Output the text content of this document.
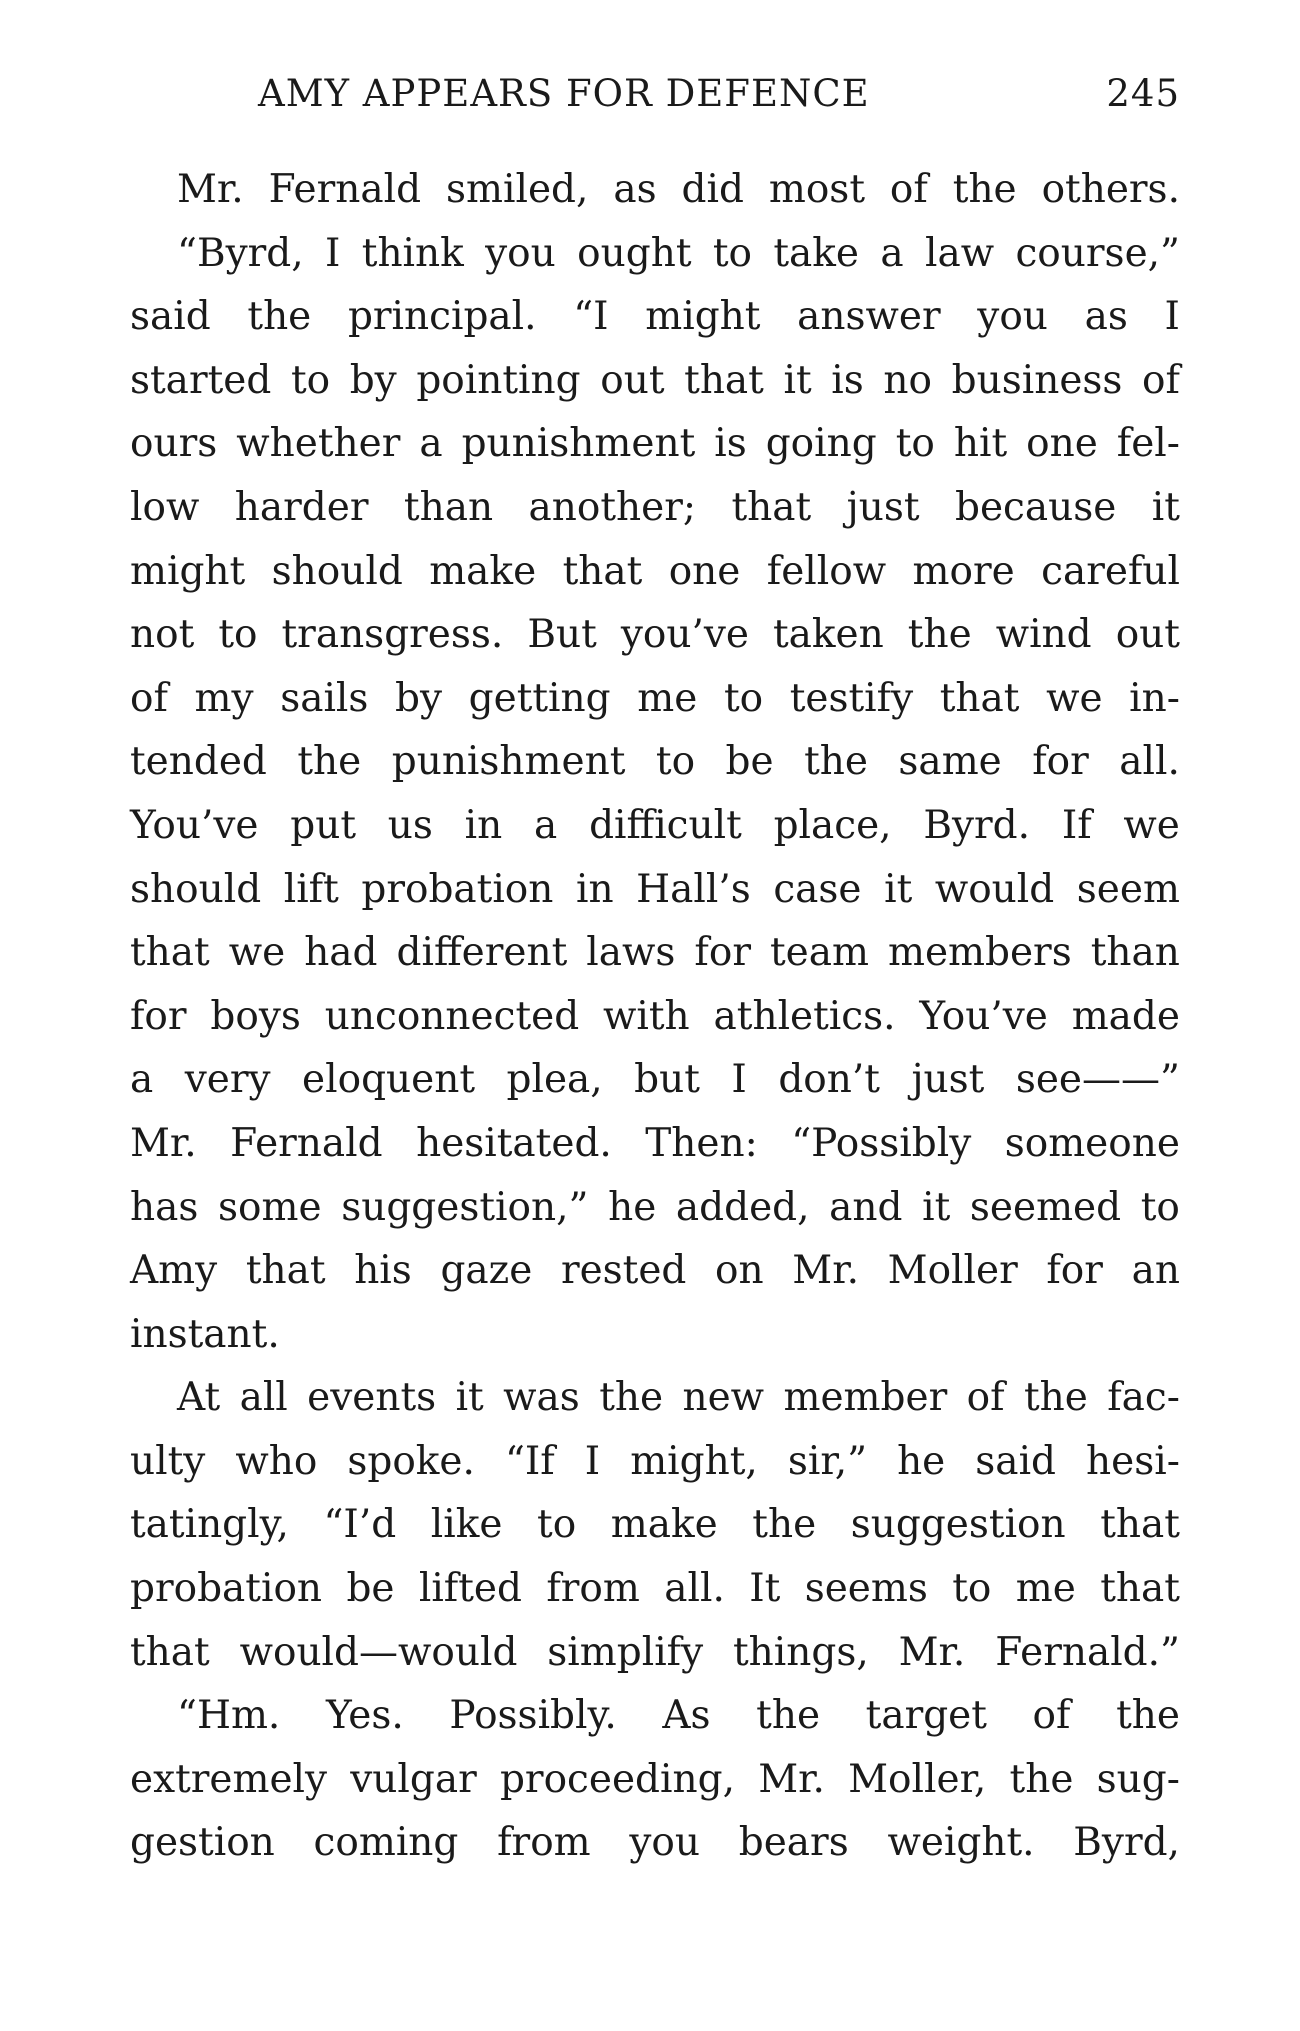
AMY APPEARS FOR DEFENCE	245
Mr. Fernald smiled, as did most of the others.
“Byrd, I think you ought to take a law course,”
said the principal. “I might answer you as I
started to by pointing out that it is no business of
ours whether a punishment is going to hit one fel-
low harder than another; that just because it
might should make that one fellow more careful
not to transgress. But you’ve taken the wind out
of my sails by getting me to testify that we in-
tended the punishment to be the same for all.
You’ve put us in a difficult place, Byrd. If we
should lift probation in Hall’s case it would seem
that we had different laws for team members than
for boys unconnected with athletics. You’ve made
a very eloquent plea, but I don’t just see——”
Mr. Fernald hesitated. Then: “Possibly someone
has some suggestion,” he added, and it seemed to
Amy that his gaze rested on Mr. Moller for an
instant.
At all events it was the new member of the fac-
ulty who spoke. “If I might, sir,” he said hesi-
tatingly, “I’d like to make the suggestion that
probation be lifted from all. It seems to me that
that would—would simplify things, Mr. Fernald.”
“Hm. Yes. Possibly. As the target of the
extremely vulgar proceeding, Mr. Moller, the sug-
gestion coming from you bears weight. Byrd,
